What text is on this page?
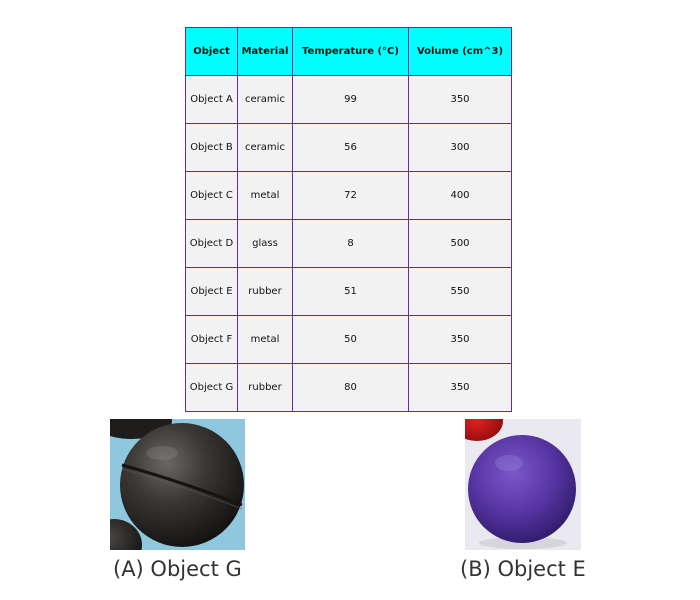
Object	Material	Temperature (°C)	Volume (cm^3)
Object A	ceramic	99	350
Object B	ceramic	56	300
Object C	metal	72	400
Object D	glass	8	500
Object E	rubber	51	550
Object F	metal	50	350
Object G	rubber	80	350
(A) Object G	(B) Object E
